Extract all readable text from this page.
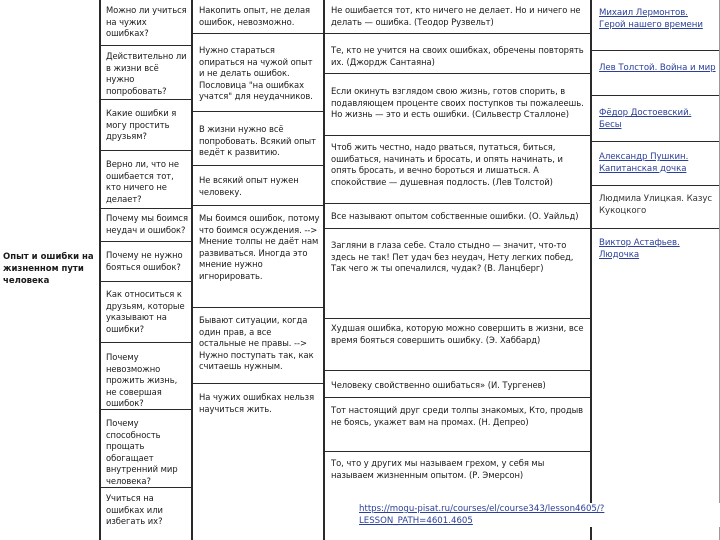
Опыт и ошибки на жизненном пути человека
Можно ли учиться на чужих ошибках?
Действительно ли в жизни всё нужно попробовать?
Какие ошибки я могу простить друзьям?
Верно ли, что не ошибается тот, кто ничего не делает?
Почему мы боимся неудач и ошибок?
Почему не нужно бояться ошибок?
Как относиться к друзьям, которые указывают на ошибки?
Почему невозможно прожить жизнь, не совершая ошибок?
Почему способность прощать обогащает внутренний мир человека?
Учиться на ошибках или избегать их?
Накопить опыт, не делая ошибок, невозможно.
Нужно стараться опираться на чужой опыт и не делать ошибок. Пословица "на ошибках учатся" для неудачников.
В жизни нужно всё попробовать. Всякий опыт ведёт к развитию.
Не всякий опыт нужен человеку.
Мы боимся ошибок, потому что боимся осуждения. --> Мнение толпы не даёт нам развиваться. Иногда это мнение нужно игнорировать.
Бывают ситуации, когда один прав, а все остальные не правы. --> Нужно поступать так, как считаешь нужным.
На чужих ошибках нельзя научиться жить.
Не ошибается тот, кто ничего не делает. Но и ничего не делать — ошибка. (Теодор Рузвельт)
Те, кто не учится на своих ошибках, обречены повторять их. (Джордж Сантаяна)
Если окинуть взглядом свою жизнь, готов спорить, в подавляющем проценте своих поступков ты пожалеешь. Но жизнь — это и есть ошибки. (Сильвестр Сталлоне)
Чтоб жить честно, надо рваться, путаться, биться, ошибаться, начинать и бросать, и опять начинать, и опять бросать, и вечно бороться и лишаться. А спокойствие — душевная подлость. (Лев Толстой)
Все называют опытом собственные ошибки. (О. Уайльд)
Загляни в глаза себе. Стало стыдно — значит, что-то здесь не так! Пет удач без неудач, Нету легких побед, Так чего ж ты опечалился, чудак? (В. Ланцберг)
Худшая ошибка, которую можно совершить в жизни, все время бояться совершить ошибку. (Э. Хаббард)
Человеку свойственно ошибаться» (И. Тургенев)
Тот настоящий друг среди толпы знакомых, Кто, продыв не боясь, укажет вам на промах. (Н. Депрео)
То, что у других мы называем грехом, у себя мы называем жизненным опытом. (Р. Эмерсон)
Михаил Лермонтов. Герой нашего времени
Лев Толстой. Война и мир
Фёдор Достоевский. Бесы
Александр Пушкин. Капитанская дочка
Людмила Улицкая. Казус Кукоцкого
Виктор Астафьев. Людочка
https://mogu-pisat.ru/courses/el/course343/lesson4605/? LESSON_PATH=4601.4605
